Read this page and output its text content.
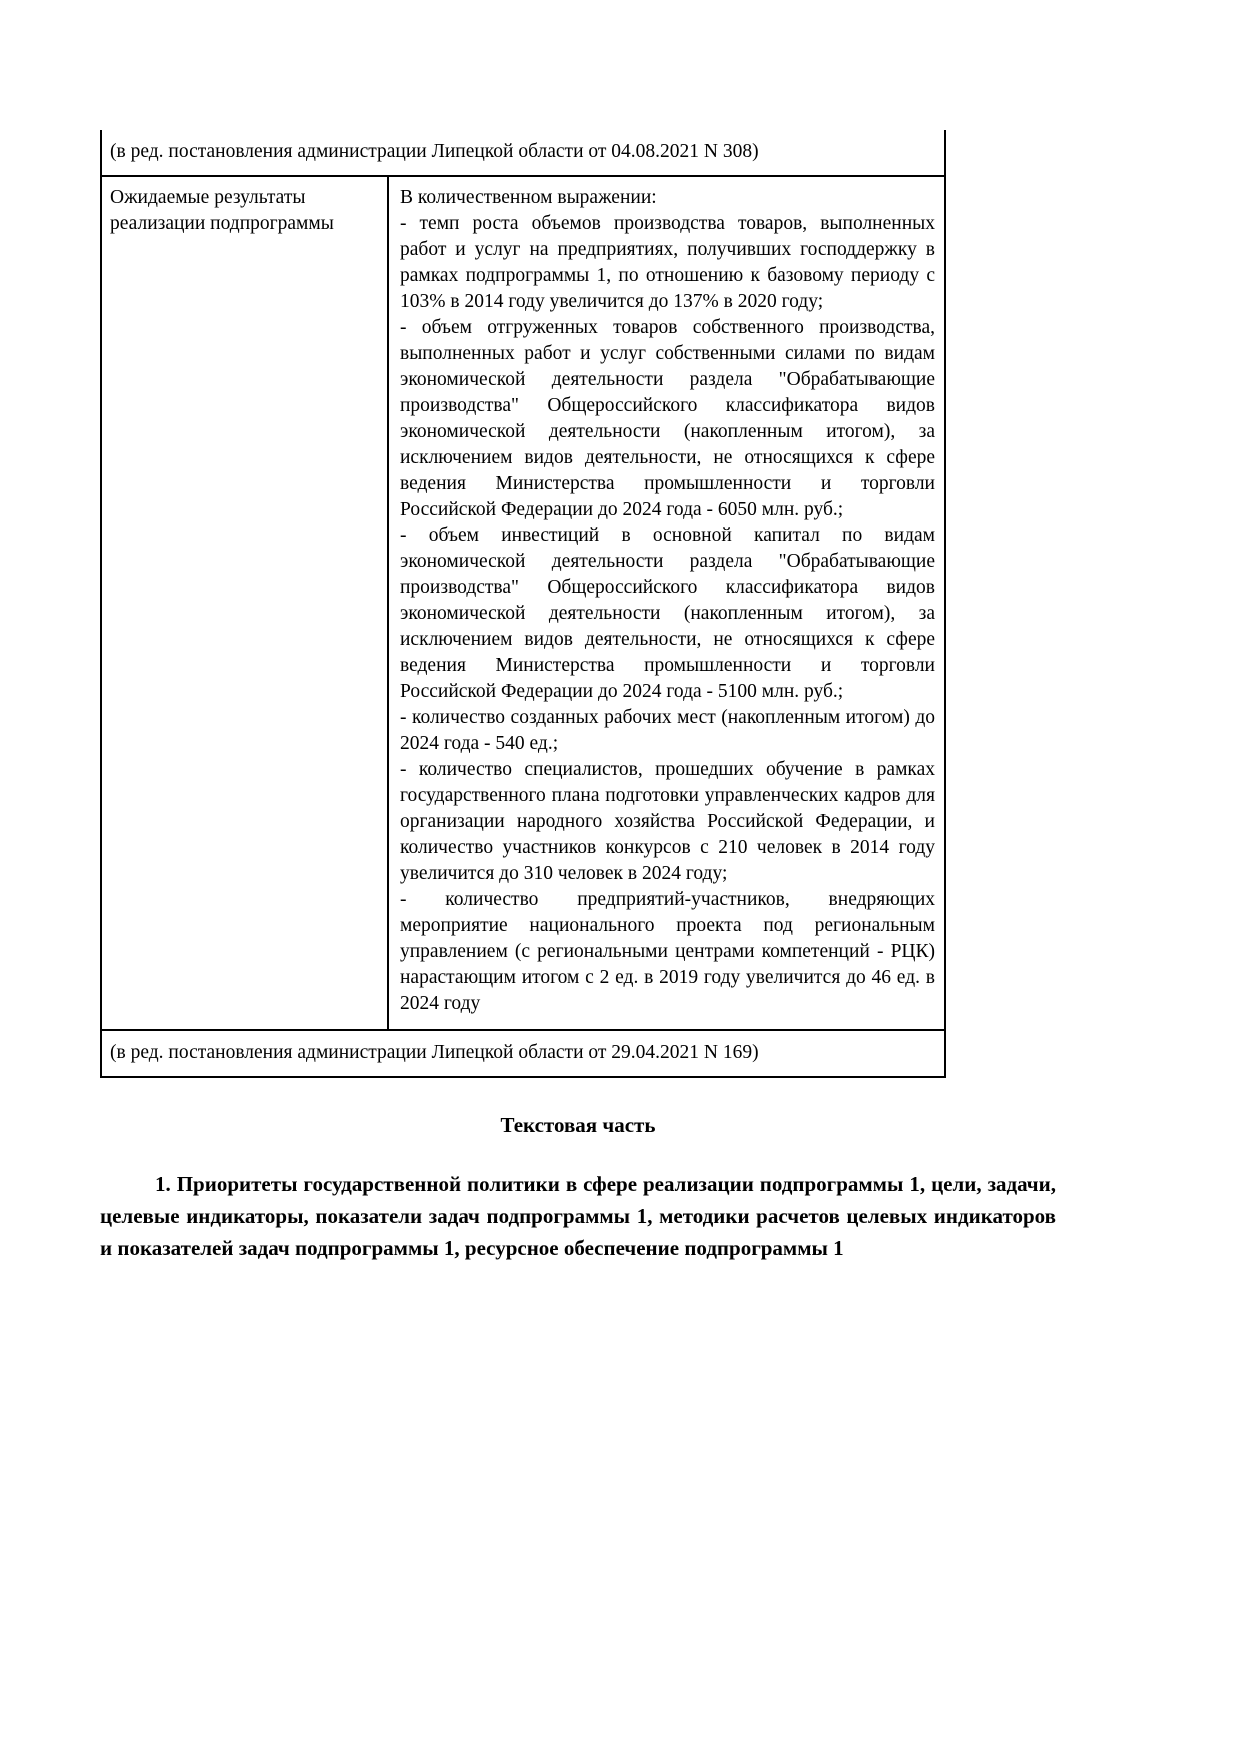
(в ред. постановления администрации Липецкой области от 04.08.2021 N 308)
Ожидаемые результаты реализации подпрограммы

В количественном выражении:

- темп роста объемов производства товаров, выполненных работ и услуг на предприятиях, получивших господдержку в рамках подпрограммы 1, по отношению к базовому периоду с 103% в 2014 году увеличится до 137% в 2020 году;

- объем отгруженных товаров собственного производства, выполненных работ и услуг собственными силами по видам экономической деятельности раздела "Обрабатывающие производства" Общероссийского классификатора видов экономической деятельности (накопленным итогом), за исключением видов деятельности, не относящихся к сфере ведения Министерства промышленности и торговли Российской Федерации до 2024 года - 6050 млн. руб.;

- объем инвестиций в основной капитал по видам экономической деятельности раздела "Обрабатывающие производства" Общероссийского классификатора видов экономической деятельности (накопленным итогом), за исключением видов деятельности, не относящихся к сфере ведения Министерства промышленности и торговли Российской Федерации до 2024 года - 5100 млн. руб.;

- количество созданных рабочих мест (накопленным итогом) до 2024 года - 540 ед.;

- количество специалистов, прошедших обучение в рамках государственного плана подготовки управленческих кадров для организации народного хозяйства Российской Федерации, и количество участников конкурсов с 210 человек в 2014 году увеличится до 310 человек в 2024 году;

- количество предприятий-участников, внедряющих мероприятие национального проекта под региональным управлением (с региональными центрами компетенций - РЦК) нарастающим итогом с 2 ед. в 2019 году увеличится до 46 ед. в 2024 году

(в ред. постановления администрации Липецкой области от 29.04.2021 N 169)
Текстовая часть

1. Приоритеты государственной политики в сфере реализации подпрограммы 1, цели, задачи, целевые индикаторы, показатели задач подпрограммы 1, методики расчетов целевых индикаторов и показателей задач подпрограммы 1, ресурсное обеспечение подпрограммы 1
